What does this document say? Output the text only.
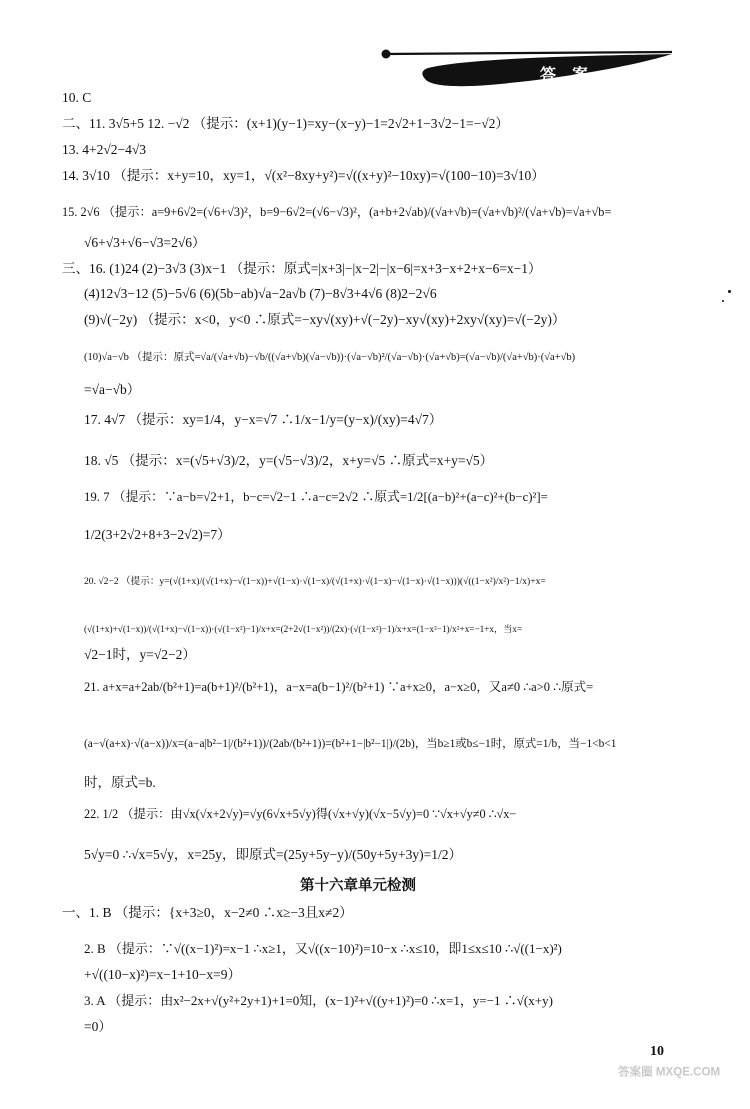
答 案
10. C
二、11. 3√5+5 12. −√2 （提示：(x+1)(y−1)=xy−(x−y)−1=2√2+1−3√2−1=−√2）
13. 4+2√2−4√3
14. 3√10 （提示：x+y=10，xy=1，√(x²−8xy+y²)=√((x+y)²−10xy)=√(100−10)=3√10）
15. 2√6 （提示：a=9+6√2=(√6+√3)²，b=9−6√2=(√6−√3)²，(a+b+2√ab)/(√a+√b)=(√a+√b)²/(√a+√b)=√a+√b=
√6+√3+√6−√3=2√6）
三、16. (1)24 (2)−3√3 (3)x−1 （提示：原式=|x+3|−|x−2|−|x−6|=x+3−x+2+x−6=x−1）
(4)12√3−12 (5)−5√6 (6)(5b−ab)√a−2a√b (7)−8√3+4√6 (8)2−2√6
(9)√(−2y) （提示：x<0，y<0 ∴原式=−xy√(xy)+√(−2y)−xy√(xy)+2xy√(xy)=√(−2y)）
(10)√a−√b （提示：原式=√a/(√a+√b)−√b/((√a+√b)(√a−√b))·(√a−√b)²/(√a−√b)·(√a+√b)=(√a−√b)/(√a+√b)·(√a+√b)
=√a−√b）
17. 4√7 （提示：xy=1/4，y−x=√7 ∴1/x−1/y=(y−x)/(xy)=4√7）
18. √5 （提示：x=(√5+√3)/2，y=(√5−√3)/2，x+y=√5 ∴原式=x+y=√5）
19. 7 （提示：∵a−b=√2+1，b−c=√2−1 ∴a−c=2√2 ∴原式=1/2[(a−b)²+(a−c)²+(b−c)²]=
1/2(3+2√2+8+3−2√2)=7）
20. √2−2 （提示：y=(√(1+x)/(√(1+x)−√(1−x))+√(1−x)·√(1−x)/(√(1+x)·√(1−x)−√(1−x)·√(1−x)))(√((1−x²)/x²)−1/x)+x=
(√(1+x)+√(1−x))/(√(1+x)−√(1−x))·(√(1−x²)−1)/x+x=(2+2√(1−x²))/(2x)·(√(1−x²)−1)/x+x=(1−x²−1)/x²+x=−1+x，当x=
√2−1时，y=√2−2）
21. a+x=a+2ab/(b²+1)=a(b+1)²/(b²+1)，a−x=a(b−1)²/(b²+1) ∵a+x≥0，a−x≥0，又a≠0 ∴a>0 ∴原式=
(a−√(a+x)·√(a−x))/x=(a−a|b²−1|/(b²+1))/(2ab/(b²+1))=(b²+1−|b²−1|)/(2b)，当b≥1或b≤−1时，原式=1/b，当−1<b<1
时，原式=b.
22. 1/2 （提示：由√x(√x+2√y)=√y(6√x+5√y)得(√x+√y)(√x−5√y)=0 ∵√x+√y≠0 ∴√x−
5√y=0 ∴√x=5√y，x=25y，即原式=(25y+5y−y)/(50y+5y+3y)=1/2）
第十六章单元检测
一、1. B （提示：{x+3≥0，x−2≠0 ∴x≥−3且x≠2）
2. B （提示：∵√((x−1)²)=x−1 ∴x≥1，又√((x−10)²)=10−x ∴x≤10，即1≤x≤10 ∴√((1−x)²)
+√((10−x)²)=x−1+10−x=9）
3. A （提示：由x²−2x+√(y²+2y+1)+1=0知，(x−1)²+√((y+1)²)=0 ∴x=1，y=−1 ∴√(x+y)
=0）
10
答案圈 MXQE.COM
